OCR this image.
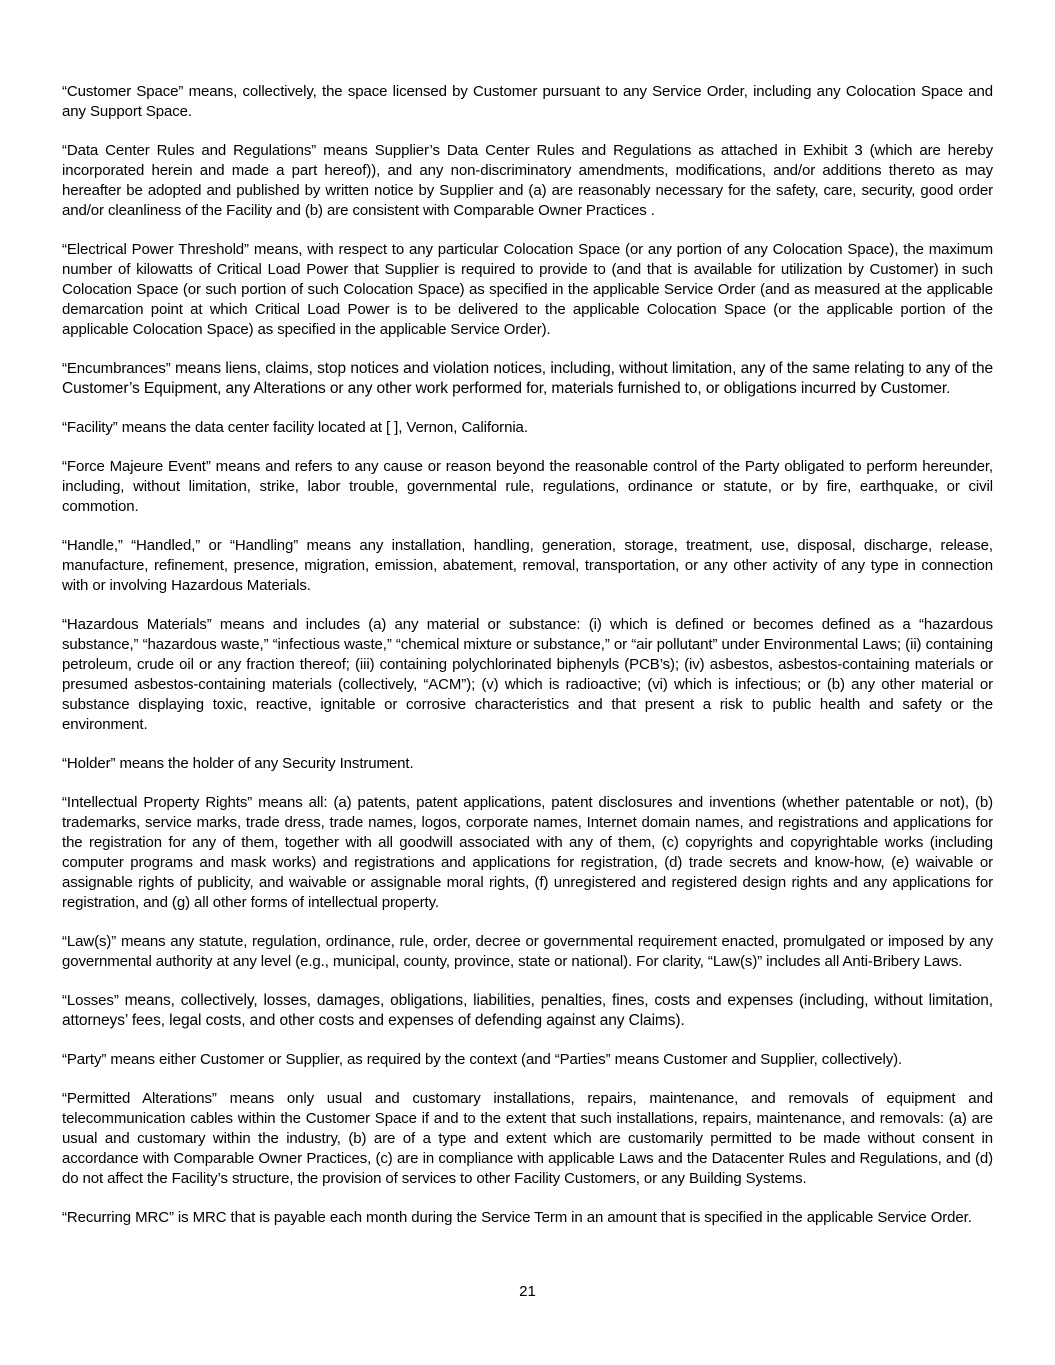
“Customer Space” means, collectively, the space licensed by Customer pursuant to any Service Order, including any Colocation Space and any Support Space.

“Data Center Rules and Regulations” means Supplier’s Data Center Rules and Regulations as attached in Exhibit 3 (which are hereby incorporated herein and made a part hereof)), and any non-discriminatory amendments, modifications, and/or additions thereto as may hereafter be adopted and published by written notice by Supplier and (a) are reasonably necessary for the safety, care, security, good order and/or cleanliness of the Facility and (b) are consistent with Comparable Owner Practices .

“Electrical Power Threshold” means, with respect to any particular Colocation Space (or any portion of any Colocation Space), the maximum number of kilowatts of Critical Load Power that Supplier is required to provide to (and that is available for utilization by Customer) in such Colocation Space (or such portion of such Colocation Space) as specified in the applicable Service Order (and as measured at the applicable demarcation point at which Critical Load Power is to be delivered to the applicable Colocation Space (or the applicable portion of the applicable Colocation Space) as specified in the applicable Service Order).

“Encumbrances” means liens, claims, stop notices and violation notices, including, without limitation, any of the same relating to any of the Customer’s Equipment, any Alterations or any other work performed for, materials furnished to, or obligations incurred by Customer.

“Facility” means the data center facility located at [ ], Vernon, California.

“Force Majeure Event” means and refers to any cause or reason beyond the reasonable control of the Party obligated to perform hereunder, including, without limitation, strike, labor trouble, governmental rule, regulations, ordinance or statute, or by fire, earthquake, or civil commotion.

“Handle,” “Handled,” or “Handling” means any installation, handling, generation, storage, treatment, use, disposal, discharge, release, manufacture, refinement, presence, migration, emission, abatement, removal, transportation, or any other activity of any type in connection with or involving Hazardous Materials.

“Hazardous Materials” means and includes (a) any material or substance: (i) which is defined or becomes defined as a “hazardous substance,” “hazardous waste,” “infectious waste,” “chemical mixture or substance,” or “air pollutant” under Environmental Laws; (ii) containing petroleum, crude oil or any fraction thereof; (iii) containing polychlorinated biphenyls (PCB’s); (iv) asbestos, asbestos-containing materials or presumed asbestos-containing materials (collectively, “ACM”); (v) which is radioactive; (vi) which is infectious; or (b) any other material or substance displaying toxic, reactive, ignitable or corrosive characteristics and that present a risk to public health and safety or the environment.

“Holder” means the holder of any Security Instrument.

“Intellectual Property Rights” means all: (a) patents, patent applications, patent disclosures and inventions (whether patentable or not), (b) trademarks, service marks, trade dress, trade names, logos, corporate names, Internet domain names, and registrations and applications for the registration for any of them, together with all goodwill associated with any of them, (c) copyrights and copyrightable works (including computer programs and mask works) and registrations and applications for registration, (d) trade secrets and know-how, (e) waivable or assignable rights of publicity, and waivable or assignable moral rights, (f) unregistered and registered design rights and any applications for registration, and (g) all other forms of intellectual property.

“Law(s)” means any statute, regulation, ordinance, rule, order, decree or governmental requirement enacted, promulgated or imposed by any governmental authority at any level (e.g., municipal, county, province, state or national). For clarity, “Law(s)” includes all Anti-Bribery Laws.

“Losses” means, collectively, losses, damages, obligations, liabilities, penalties, fines, costs and expenses (including, without limitation, attorneys’ fees, legal costs, and other costs and expenses of defending against any Claims).

“Party” means either Customer or Supplier, as required by the context (and “Parties” means Customer and Supplier, collectively).

“Permitted Alterations” means only usual and customary installations, repairs, maintenance, and removals of equipment and telecommunication cables within the Customer Space if and to the extent that such installations, repairs, maintenance, and removals: (a) are usual and customary within the industry, (b) are of a type and extent which are customarily permitted to be made without consent in accordance with Comparable Owner Practices, (c) are in compliance with applicable Laws and the Datacenter Rules and Regulations, and (d) do not affect the Facility’s structure, the provision of services to other Facility Customers, or any Building Systems.

“Recurring MRC” is MRC that is payable each month during the Service Term in an amount that is specified in the applicable Service Order.

21
